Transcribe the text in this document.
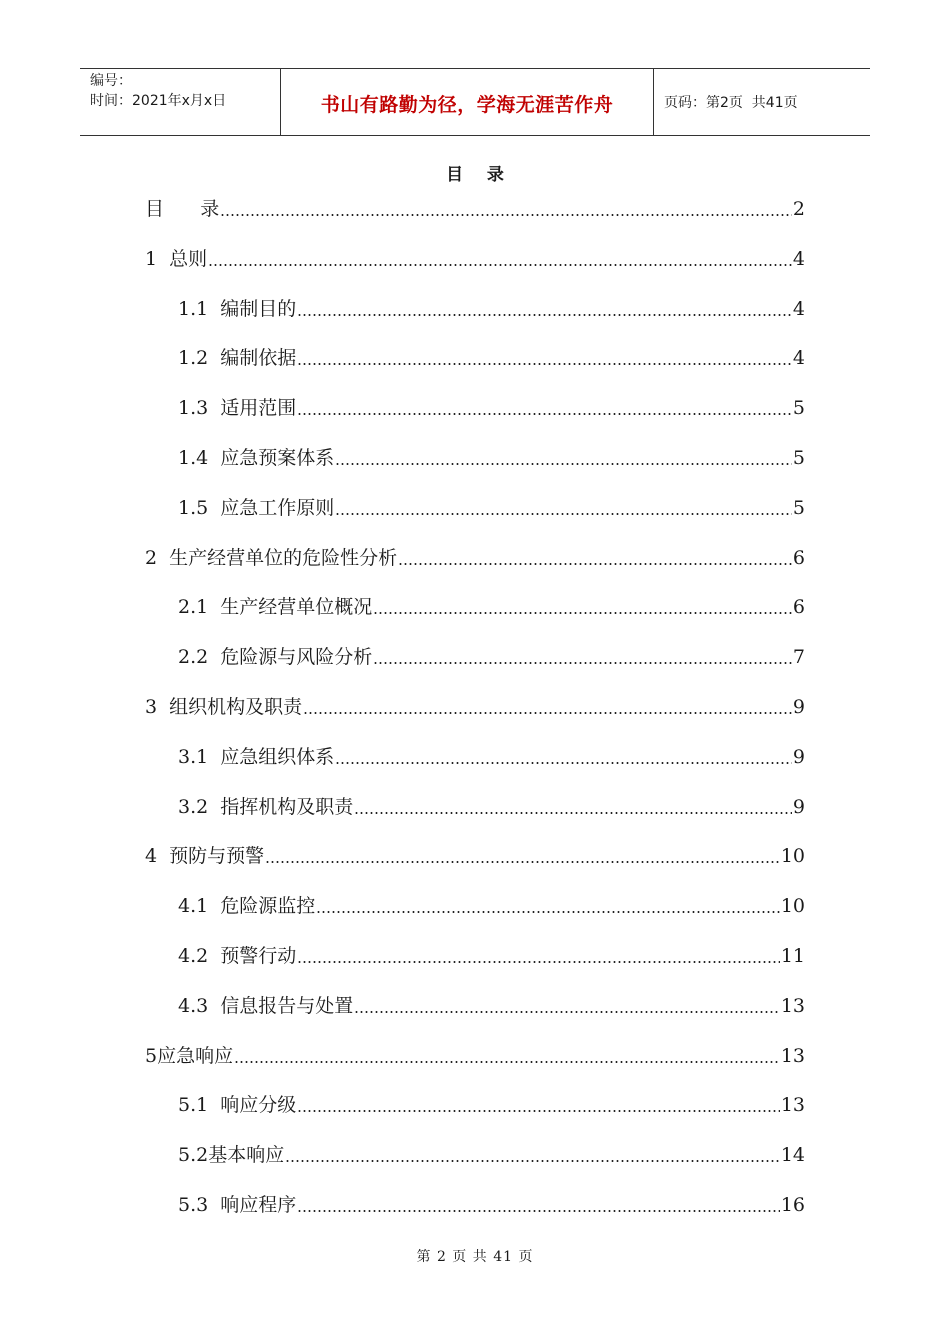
编号：
时间：2021年x月x日	书山有路勤为径，学海无涯苦作舟	页码：第2页  共41页
目    录
目      录	2
1  总则	4
1.1  编制目的	4
1.2  编制依据	4
1.3  适用范围	5
1.4  应急预案体系	5
1.5  应急工作原则	5
2  生产经营单位的危险性分析	6
2.1  生产经营单位概况	6
2.2  危险源与风险分析	7
3  组织机构及职责	9
3.1  应急组织体系	9
3.2  指挥机构及职责	9
4  预防与预警	10
4.1  危险源监控	10
4.2  预警行动	11
4.3  信息报告与处置	13
5应急响应	13
5.1  响应分级	13
5.2基本响应	14
5.3  响应程序	16
第 2 页 共 41 页
